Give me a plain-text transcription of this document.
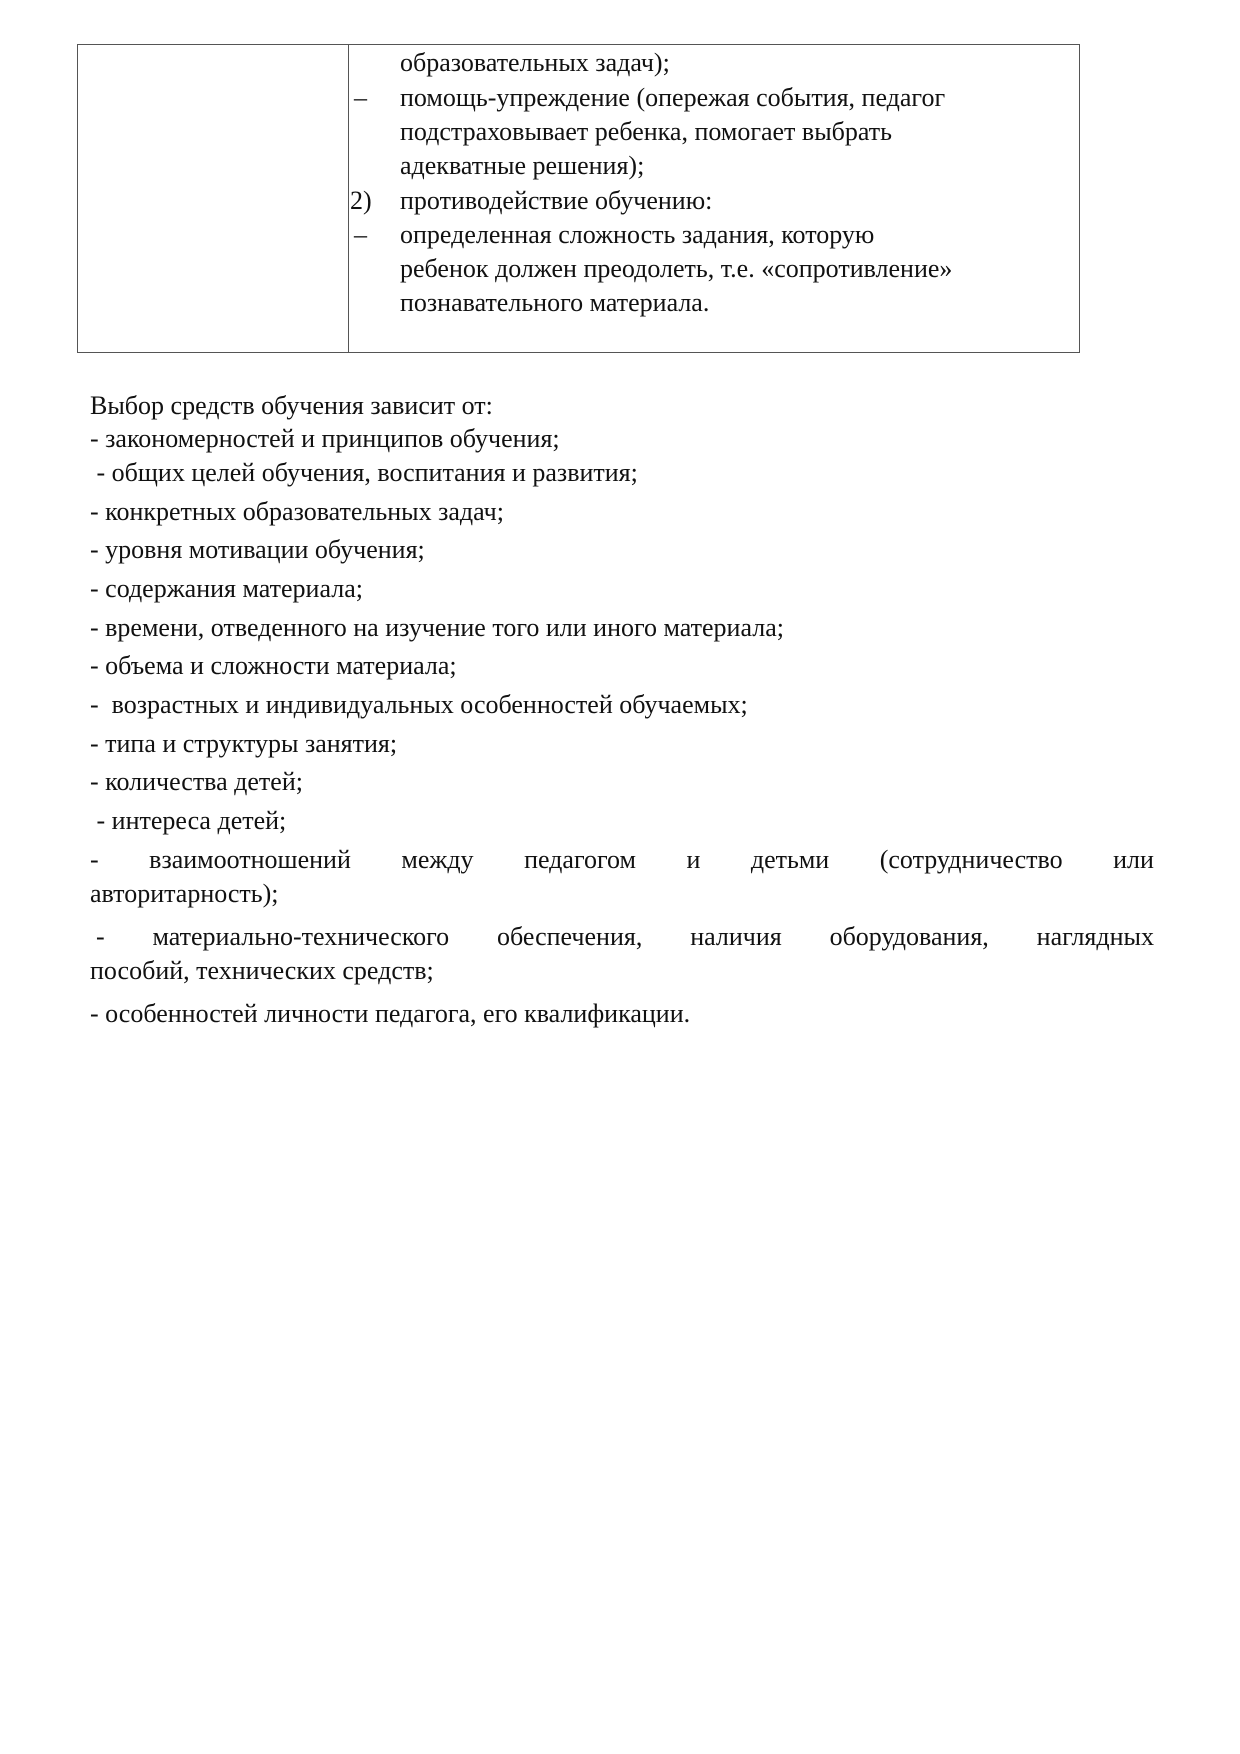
образовательных задач);
–	помощь-упреждение (опережая события, педагог
подстраховывает ребенка, помогает выбрать
адекватные решения);
2)	противодействие обучению:
–	определенная сложность задания, которую
ребенок должен преодолеть, т.е. «сопротивление»
познавательного материала.
Выбор средств обучения зависит от:
- закономерностей и принципов обучения;
- общих целей обучения, воспитания и развития;
- конкретных образовательных задач;
- уровня мотивации обучения;
- содержания материала;
- времени, отведенного на изучение того или иного материала;
- объема и сложности материала;
-  возрастных и индивидуальных особенностей обучаемых;
- типа и структуры занятия;
- количества детей;
- интереса детей;
- взаимоотношений между педагогом и детьми (сотрудничество или
авторитарность);
- материально-технического обеспечения, наличия оборудования, наглядных
пособий, технических средств;
- особенностей личности педагога, его квалификации.
